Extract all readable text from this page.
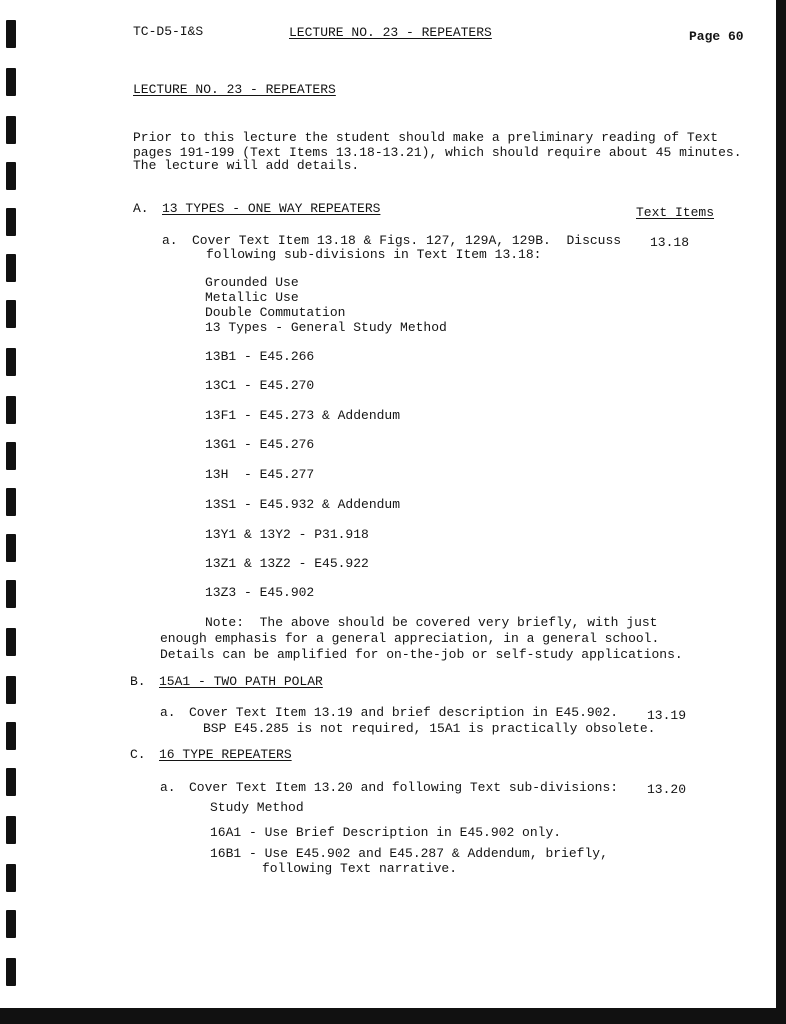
TC-D5-I&S	LECTURE NO. 23 - REPEATERS	Page 60
LECTURE NO. 23 - REPEATERS
Prior to this lecture the student should make a preliminary reading of Text
pages 191-199 (Text Items 13.18-13.21), which should require about 45 minutes.
The lecture will add details.
A. 13 TYPES - ONE WAY REPEATERS	Text Items
a. Cover Text Item 13.18 & Figs. 127, 129A, 129B.  Discuss
following sub-divisions in Text Item 13.18:
13.18
Grounded Use
Metallic Use
Double Commutation
13 Types - General Study Method
13B1 - E45.266
13C1 - E45.270
13F1 - E45.273 & Addendum
13G1 - E45.276
13H  - E45.277
13S1 - E45.932 & Addendum
13Y1 & 13Y2 - P31.918
13Z1 & 13Z2 - E45.922
13Z3 - E45.902
Note:  The above should be covered very briefly, with just
enough emphasis for a general appreciation, in a general school.
Details can be amplified for on-the-job or self-study applications.
B. 15A1 - TWO PATH POLAR
a. Cover Text Item 13.19 and brief description in E45.902.
BSP E45.285 is not required, 15A1 is practically obsolete.
13.19
C. 16 TYPE REPEATERS
a. Cover Text Item 13.20 and following Text sub-divisions: 13.20
Study Method
16A1 - Use Brief Description in E45.902 only.
16B1 - Use E45.902 and E45.287 & Addendum, briefly,
following Text narrative.
